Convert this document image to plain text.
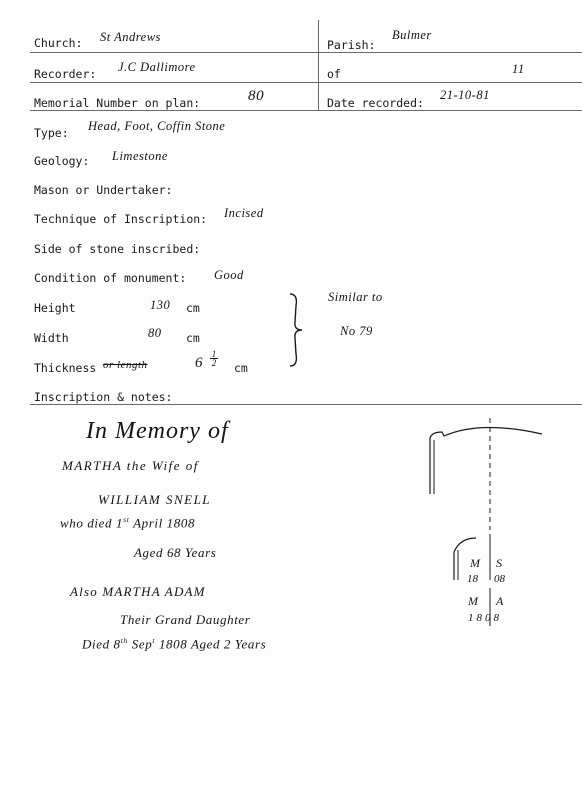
Church: St Andrews
Parish:
Bulmer
Recorder: J.C Dallimore	of	11
Memorial Number on plan:	80	Date recorded:
21-10-81
Type: Head, Foot, Coffin Stone
Geology: Limestone
Mason or Undertaker:
Technique of Inscription: Incised
Side of stone inscribed:
Condition of monument: Good
Height	130 cm
Width	80 cm
Thickness or length	$6 \frac{1}{2}$
cm
Similar to
No 79
Inscription & notes:
In Memory of
MARTHA the Wife of
WILLIAM SNELL
who died 1st April 1808
Aged 68 Years
Also MARTHA ADAM
Their Grand Daughter
Died 8th Sep$^t$ 1808 Aged 2 Years
M S
18 08
M A
1808
